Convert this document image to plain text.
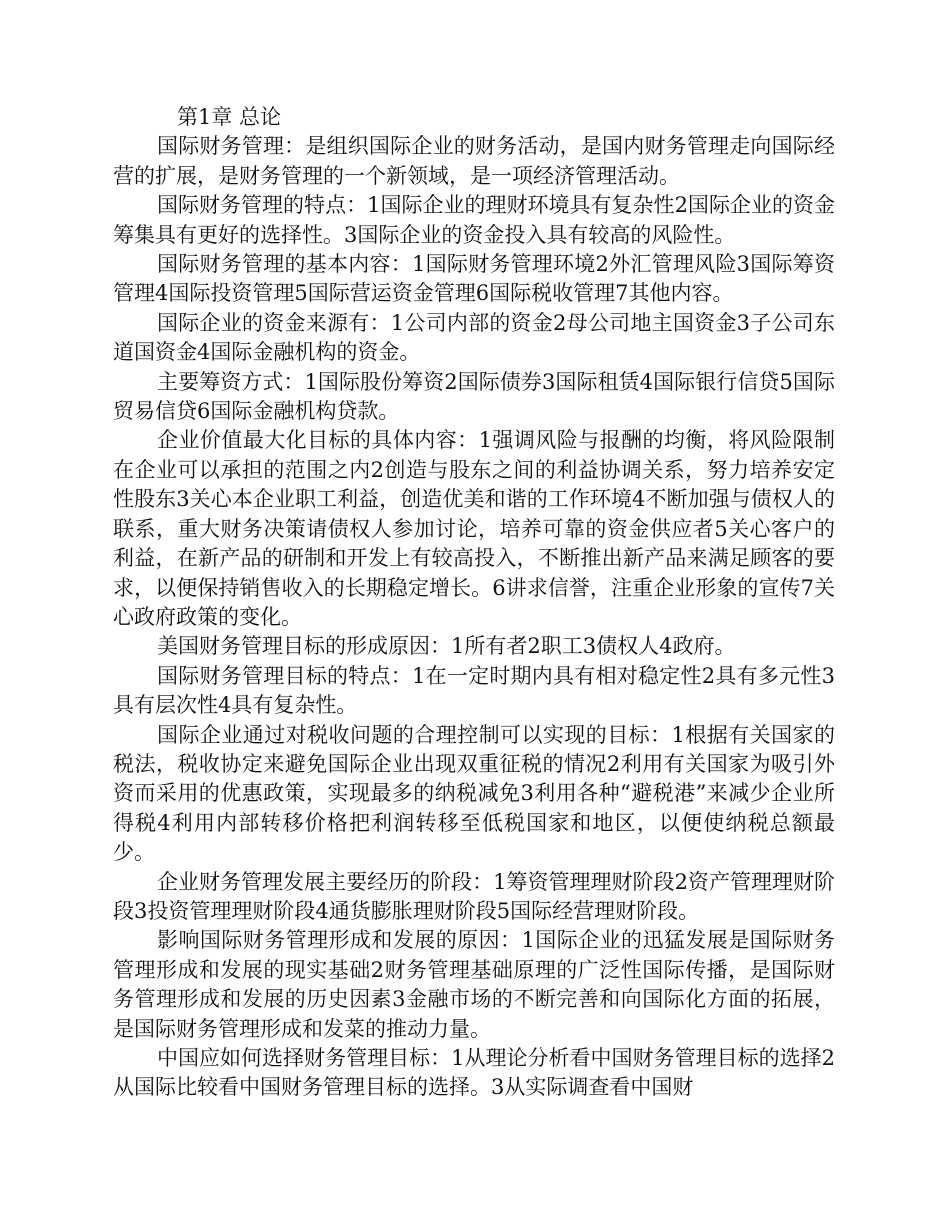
第1章 总论

国际财务管理：是组织国际企业的财务活动，是国内财务管理走向国际经营的扩展，是财务管理的一个新领域，是一项经济管理活动。

国际财务管理的特点：1国际企业的理财环境具有复杂性2国际企业的资金筹集具有更好的选择性。3国际企业的资金投入具有较高的风险性。

国际财务管理的基本内容：1国际财务管理环境2外汇管理风险3国际筹资管理4国际投资管理5国际营运资金管理6国际税收管理7其他内容。

国际企业的资金来源有：1公司内部的资金2母公司地主国资金3子公司东道国资金4国际金融机构的资金。

主要筹资方式：1国际股份筹资2国际债券3国际租赁4国际银行信贷5国际贸易信贷6国际金融机构贷款。

企业价值最大化目标的具体内容：1强调风险与报酬的均衡，将风险限制在企业可以承担的范围之内2创造与股东之间的利益协调关系，努力培养安定性股东3关心本企业职工利益，创造优美和谐的工作环境4不断加强与债权人的联系，重大财务决策请债权人参加讨论，培养可靠的资金供应者5关心客户的利益，在新产品的研制和开发上有较高投入，不断推出新产品来满足顾客的要求，以便保持销售收入的长期稳定增长。6讲求信誉，注重企业形象的宣传7关心政府政策的变化。

美国财务管理目标的形成原因：1所有者2职工3债权人4政府。

国际财务管理目标的特点：1在一定时期内具有相对稳定性2具有多元性3具有层次性4具有复杂性。

国际企业通过对税收问题的合理控制可以实现的目标：1根据有关国家的税法，税收协定来避免国际企业出现双重征税的情况2利用有关国家为吸引外资而采用的优惠政策，实现最多的纳税减免3利用各种“避税港”来减少企业所得税4利用内部转移价格把利润转移至低税国家和地区，以便使纳税总额最少。

企业财务管理发展主要经历的阶段：1筹资管理理财阶段2资产管理理财阶段3投资管理理财阶段4通货膨胀理财阶段5国际经营理财阶段。

影响国际财务管理形成和发展的原因：1国际企业的迅猛发展是国际财务管理形成和发展的现实基础2财务管理基础原理的广泛性国际传播，是国际财务管理形成和发展的历史因素3金融市场的不断完善和向国际化方面的拓展，是国际财务管理形成和发菜的推动力量。

中国应如何选择财务管理目标：1从理论分析看中国财务管理目标的选择2从国际比较看中国财务管理目标的选择。3从实际调查看中国财
